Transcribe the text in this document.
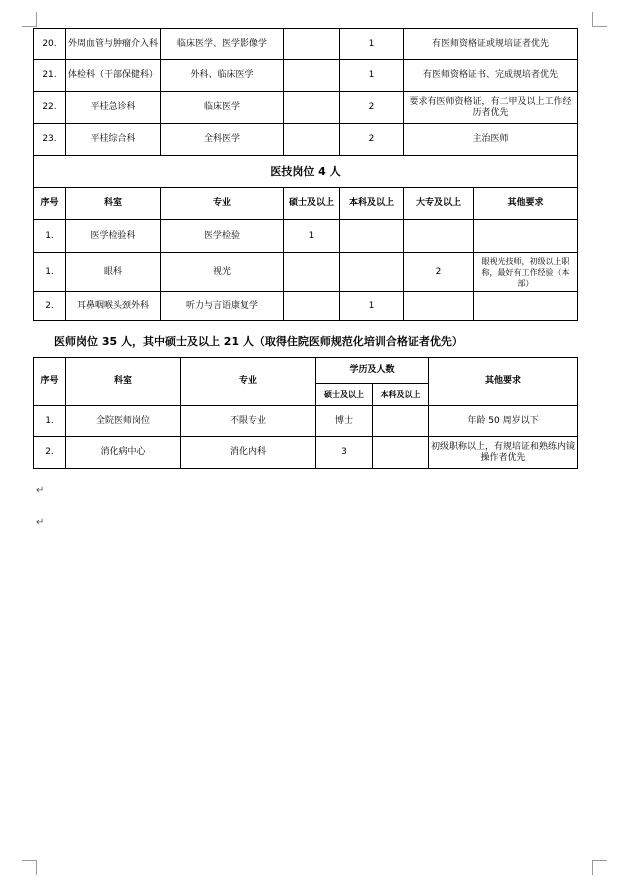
20.	外周血管与肿瘤介入科	临床医学、医学影像学		1	有医师资格证或规培证者优先	
21.	体检科（干部保健科）	外科、临床医学		1	有医师资格证书、完成规培者优先	
22.	平桂急诊科	临床医学		2	要求有医师资格证，有二甲及以上工作经历者优先	
23.	平桂综合科	全科医学		2	主治医师	
医技岗位 4 人						
序号	科室	专业	硕士及以上	本科及以上	大专及以上	其他要求
1.	医学检验科	医学检验	1			
1.	眼科	视光			2	眼视光技师，初级以上职称，最好有工作经验（本部）
2.	耳鼻咽喉头颈外科	听力与言语康复学		1		
医师岗位 35 人，其中硕士及以上 21 人（取得住院医师规范化培训合格证者优先）
序号	科室	专业	学历及人数		其他要求
			硕士及以上	本科及以上	
1.	全院医师岗位	不限专业	博士		年龄 50 周岁以下
2.	消化病中心	消化内科	3		初级职称以上，有规培证和熟练内镜操作者优先
↵
↵
